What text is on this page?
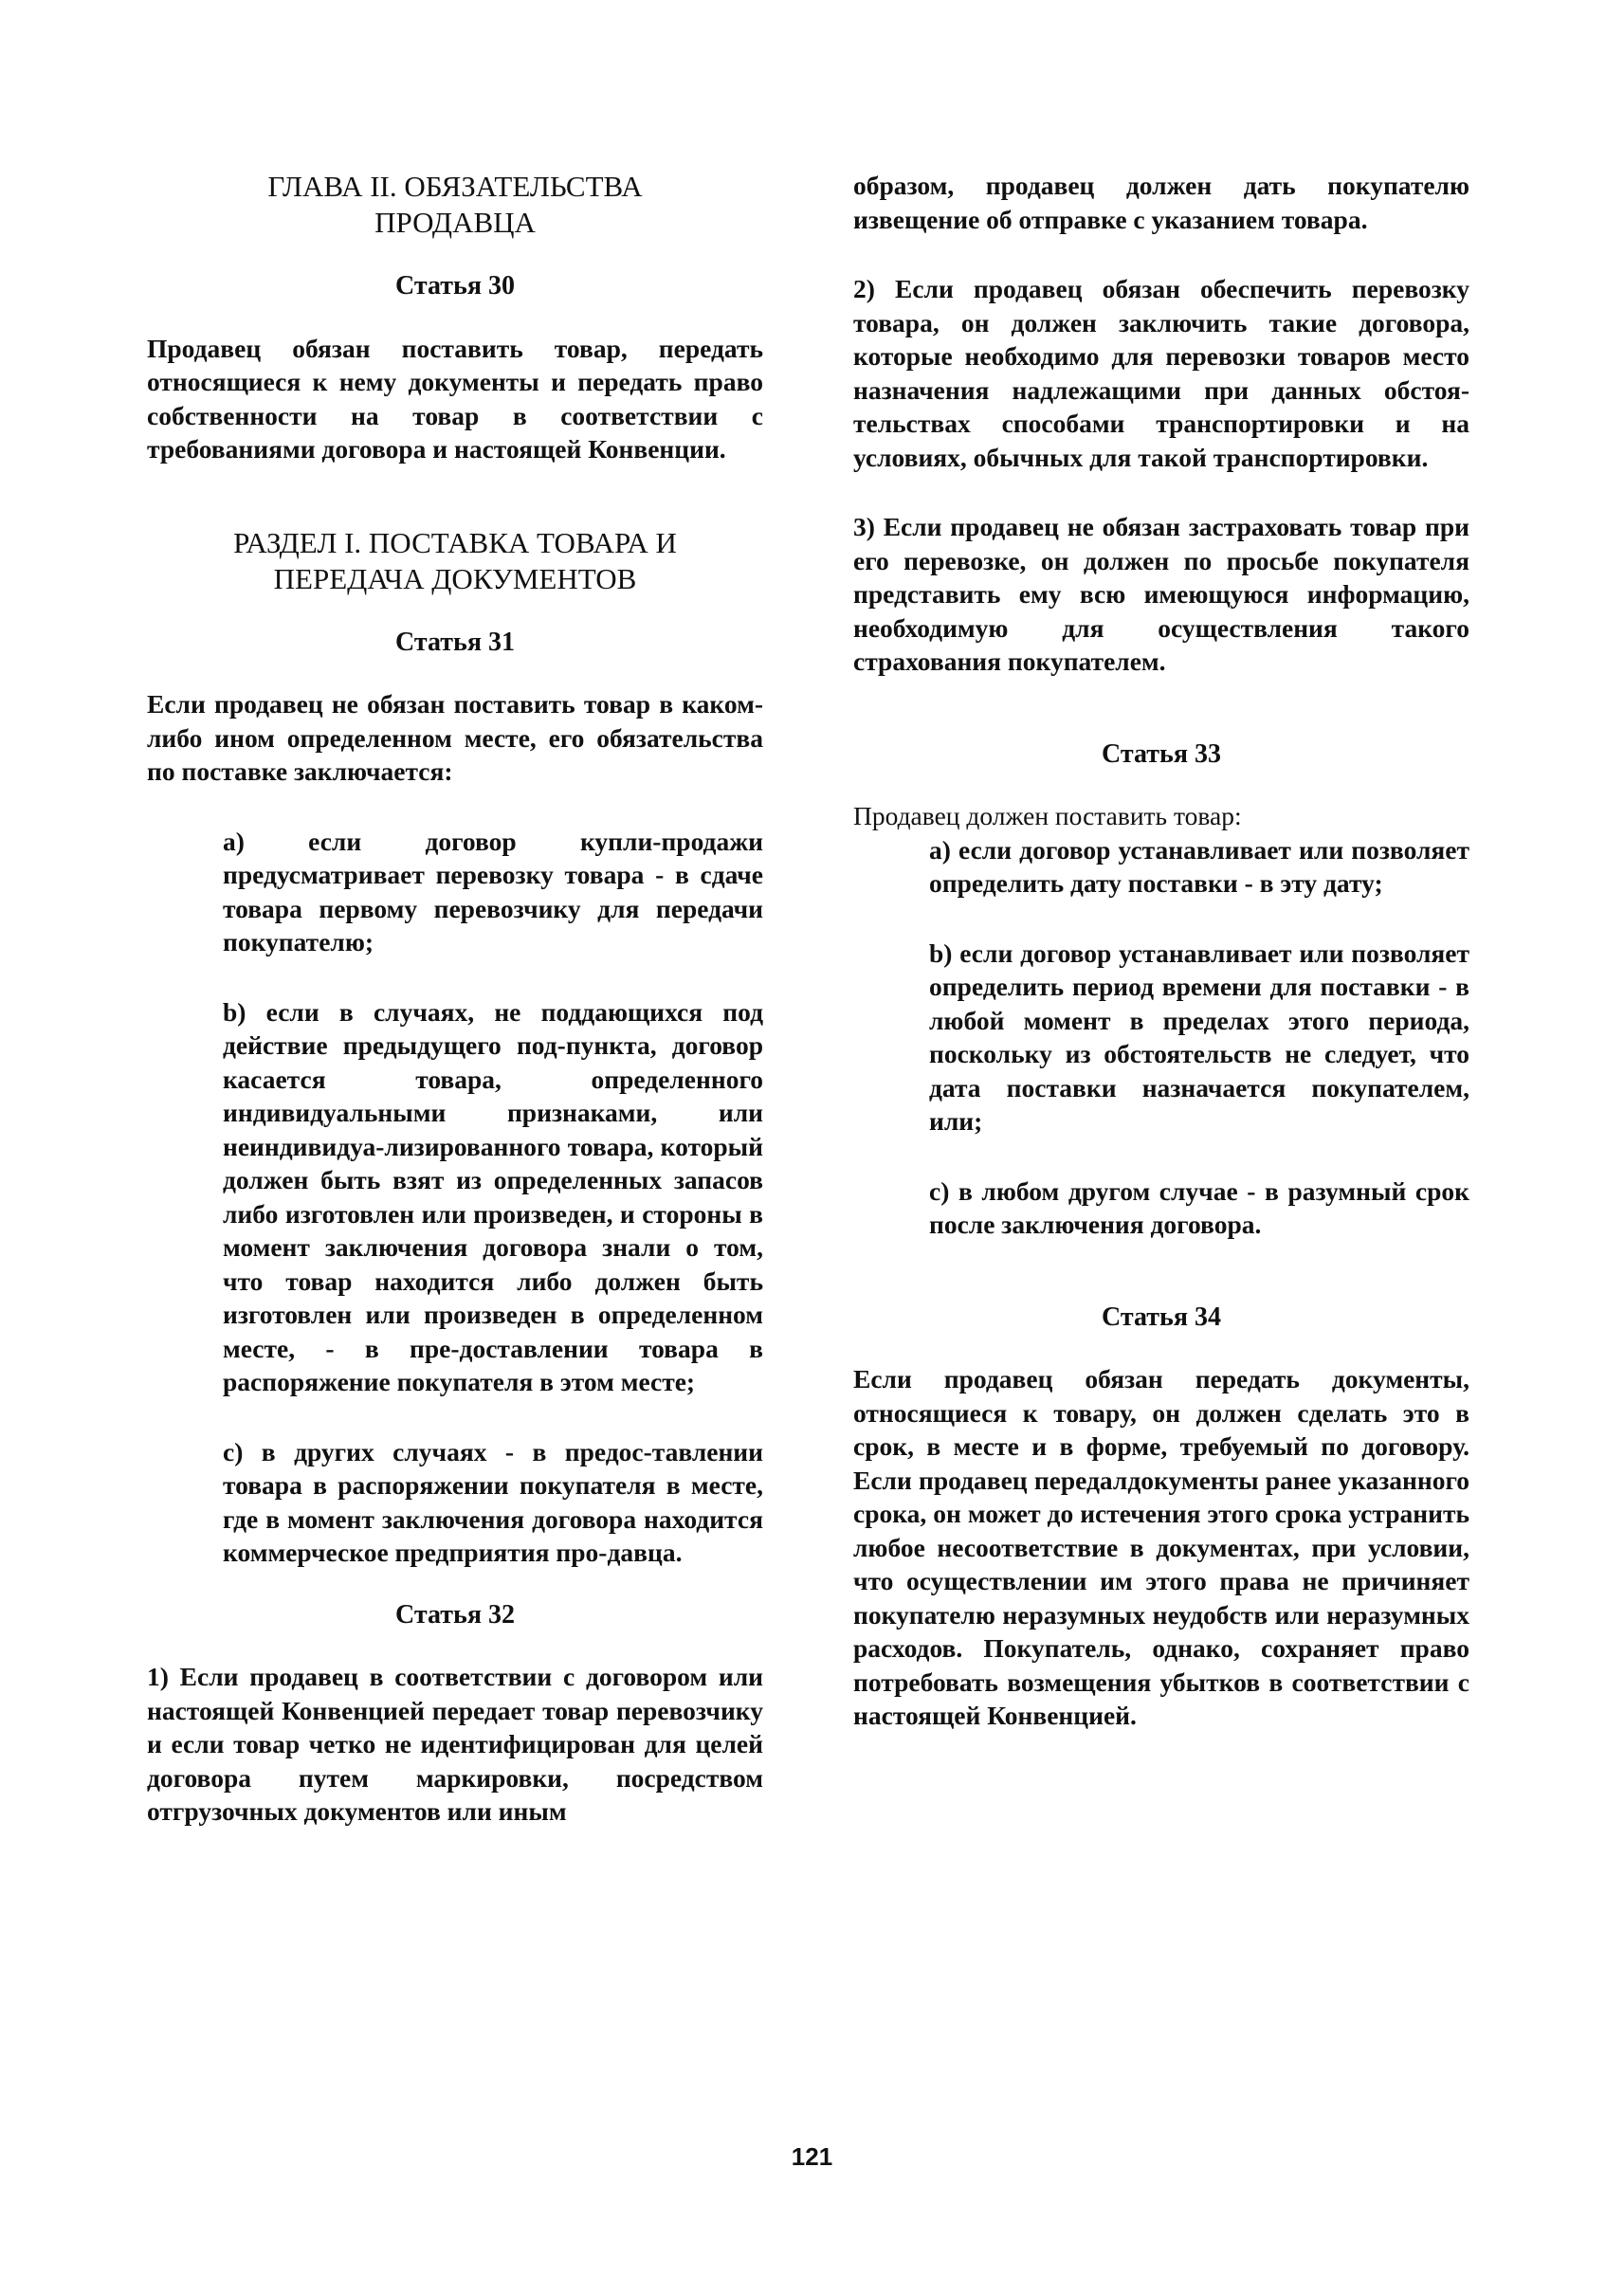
ГЛАВА II. ОБЯЗАТЕЛЬСТВА
ПРОДАВЦА

Статья 30

Продавец обязан поставить товар, передать относящиеся к нему документы и передать право собственности на товар в соответствии с требованиями договора и настоящей Конвенции.

РАЗДЕЛ I. ПОСТАВКА ТОВАРА И
ПЕРЕДАЧА ДОКУМЕНТОВ

Статья 31

Если продавец не обязан поставить товар в каком-либо ином определенном месте, его обязательства по поставке заключается:

а) если договор купли-продажи предусматривает перевозку товара - в сдаче товара первому перевозчику для передачи покупателю;

b) если в случаях, не поддающихся под действие предыдущего под-пункта, договор касается товара, определенного индивидуальными признаками, или неиндивидуа-лизированного товара, который должен быть взят из определенных запасов либо изготовлен или произведен, и стороны в момент заключения договора знали о том, что товар находится либо должен быть изготовлен или произведен в определенном месте, - в пре-доставлении товара в распоряжение покупателя в этом месте;

с) в других случаях - в предос-тавлении товара в распоряжении покупателя в месте, где в момент заключения договора находится коммерческое предприятия про-давца.

Статья 32

1) Если продавец в соответствии с договором или настоящей Конвенцией передает товар перевозчику и если товар четко не идентифицирован для целей договора путем маркировки, посредством отгрузочных документов или иным

образом, продавец должен дать покупателю извещение об отправке с указанием товара.

2) Если продавец обязан обеспечить перевозку товара, он должен заключить такие договора, которые необходимо для перевозки товаров место назначения надлежащими при данных обстоя-тельствах способами транспортировки и на условиях, обычных для такой транспортировки.

3) Если продавец не обязан застраховать товар при его перевозке, он должен по просьбе покупателя представить ему всю имеющуюся информацию, необходимую для осуществления такого страхования покупателем.

Статья 33

Продавец должен поставить товар:

а) если договор устанавливает или позволяет определить дату поставки - в эту дату;

b) если договор устанавливает или позволяет определить период времени для поставки - в любой момент в пределах этого периода, поскольку из обстоятельств не следует, что дата поставки назначается покупателем, или;

с) в любом другом случае - в разумный срок после заключения договора.

Статья 34

Если продавец обязан передать документы, относящиеся к товару, он должен сделать это в срок, в месте и в форме, требуемый по договору. Если продавец передалдокументы ранее указанного срока, он может до истечения этого срока устранить любое несоответствие в документах, при условии, что осуществлении им этого права не причиняет покупателю неразумных неудобств или неразумных расходов. Покупатель, однако, сохраняет право потребовать возмещения убытков в соответствии с настоящей Конвенцией.

121
